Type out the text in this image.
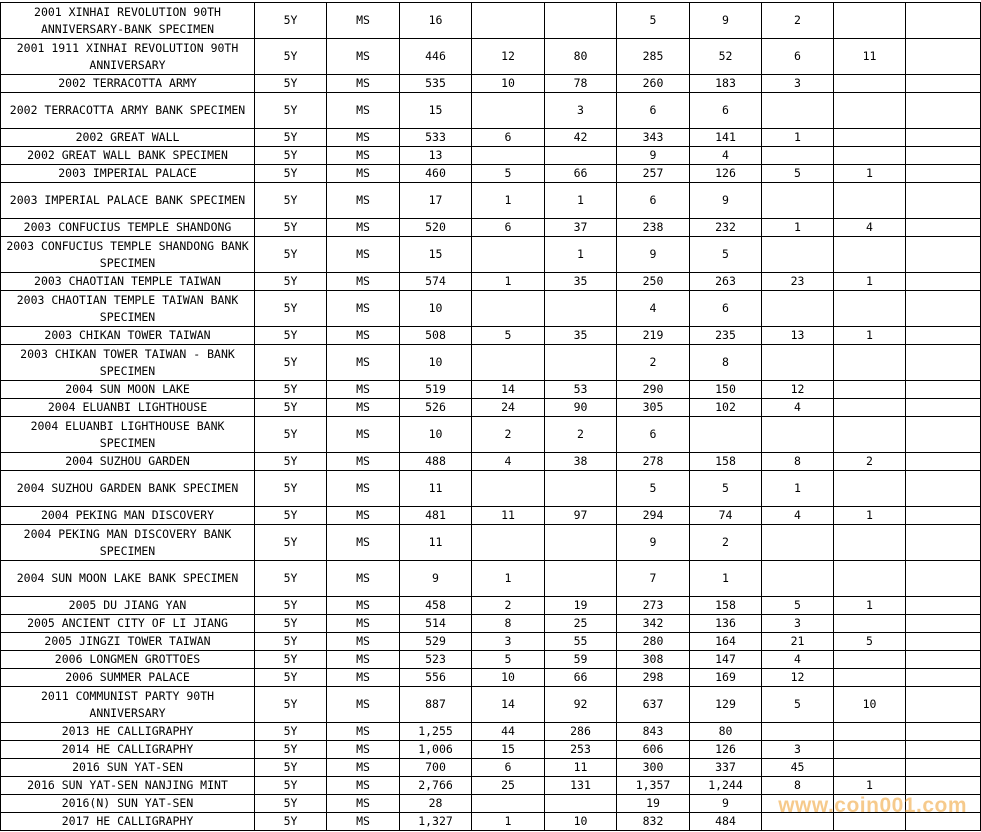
2001 XINHAI REVOLUTION 90TH ANNIVERSARY-BANK SPECIMEN	5Y	MS	16			5	9	2		
2001 1911 XINHAI REVOLUTION 90TH ANNIVERSARY	5Y	MS	446	12	80	285	52	6	11	
2002 TERRACOTTA ARMY	5Y	MS	535	10	78	260	183	3		
2002 TERRACOTTA ARMY BANK SPECIMEN	5Y	MS	15		3	6	6			
2002 GREAT WALL	5Y	MS	533	6	42	343	141	1		
2002 GREAT WALL BANK SPECIMEN	5Y	MS	13			9	4			
2003 IMPERIAL PALACE	5Y	MS	460	5	66	257	126	5	1	
2003 IMPERIAL PALACE BANK SPECIMEN	5Y	MS	17	1	1	6	9			
2003 CONFUCIUS TEMPLE SHANDONG	5Y	MS	520	6	37	238	232	1	4	
2003 CONFUCIUS TEMPLE SHANDONG BANK SPECIMEN	5Y	MS	15		1	9	5			
2003 CHAOTIAN TEMPLE TAIWAN	5Y	MS	574	1	35	250	263	23	1	
2003 CHAOTIAN TEMPLE TAIWAN BANK SPECIMEN	5Y	MS	10			4	6			
2003 CHIKAN TOWER TAIWAN	5Y	MS	508	5	35	219	235	13	1	
2003 CHIKAN TOWER TAIWAN - BANK SPECIMEN	5Y	MS	10			2	8			
2004 SUN MOON LAKE	5Y	MS	519	14	53	290	150	12		
2004 ELUANBI LIGHTHOUSE	5Y	MS	526	24	90	305	102	4		
2004 ELUANBI LIGHTHOUSE BANK SPECIMEN	5Y	MS	10	2	2	6				
2004 SUZHOU GARDEN	5Y	MS	488	4	38	278	158	8	2	
2004 SUZHOU GARDEN BANK SPECIMEN	5Y	MS	11			5	5	1		
2004 PEKING MAN DISCOVERY	5Y	MS	481	11	97	294	74	4	1	
2004 PEKING MAN DISCOVERY BANK SPECIMEN	5Y	MS	11			9	2			
2004 SUN MOON LAKE BANK SPECIMEN	5Y	MS	9	1		7	1			
2005 DU JIANG YAN	5Y	MS	458	2	19	273	158	5	1	
2005 ANCIENT CITY OF LI JIANG	5Y	MS	514	8	25	342	136	3		
2005 JINGZI TOWER TAIWAN	5Y	MS	529	3	55	280	164	21	5	
2006 LONGMEN GROTTOES	5Y	MS	523	5	59	308	147	4		
2006 SUMMER PALACE	5Y	MS	556	10	66	298	169	12		
2011 COMMUNIST PARTY 90TH ANNIVERSARY	5Y	MS	887	14	92	637	129	5	10	
2013 HE CALLIGRAPHY	5Y	MS	1,255	44	286	843	80			
2014 HE CALLIGRAPHY	5Y	MS	1,006	15	253	606	126	3		
2016 SUN YAT-SEN	5Y	MS	700	6	11	300	337	45		
2016 SUN YAT-SEN NANJING MINT	5Y	MS	2,766	25	131	1,357	1,244	8	1	
2016(N) SUN YAT-SEN	5Y	MS	28			19	9			
2017 HE CALLIGRAPHY	5Y	MS	1,327	1	10	832	484			
www.coin001.com
